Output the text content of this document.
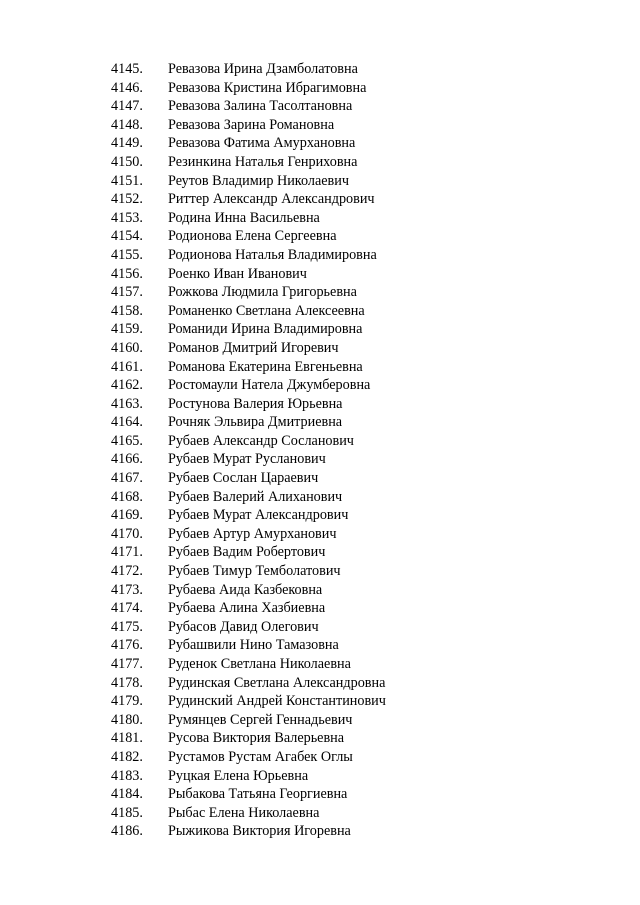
4145. Ревазова Ирина Дзамболатовна
4146. Ревазова Кристина Ибрагимовна
4147. Ревазова Залина Тасолтановна
4148. Ревазова Зарина Романовна
4149. Ревазова Фатима Амурхановна
4150. Резинкина Наталья Генриховна
4151. Реутов Владимир Николаевич
4152. Риттер Александр Александрович
4153. Родина Инна Васильевна
4154. Родионова Елена Сергеевна
4155. Родионова Наталья Владимировна
4156. Роенко Иван Иванович
4157. Рожкова Людмила Григорьевна
4158. Романенко Светлана Алексеевна
4159. Романиди Ирина Владимировна
4160. Романов Дмитрий Игоревич
4161. Романова Екатерина Евгеньевна
4162. Ростомаули Натела Джумберовна
4163. Ростунова Валерия Юрьевна
4164. Рочняк Эльвира Дмитриевна
4165. Рубаев Александр Сосланович
4166. Рубаев Мурат Русланович
4167. Рубаев Сослан Цараевич
4168. Рубаев Валерий Алиханович
4169. Рубаев Мурат Александрович
4170. Рубаев Артур Амурханович
4171. Рубаев Вадим Робертович
4172. Рубаев Тимур Темболатович
4173. Рубаева Аида Казбековна
4174. Рубаева Алина Хазбиевна
4175. Рубасов Давид Олегович
4176. Рубашвили Нино Тамазовна
4177. Руденок Светлана Николаевна
4178. Рудинская Светлана Александровна
4179. Рудинский Андрей Константинович
4180. Румянцев Сергей Геннадьевич
4181. Русова Виктория Валерьевна
4182. Рустамов Рустам Агабек Оглы
4183. Руцкая Елена Юрьевна
4184. Рыбакова Татьяна Георгиевна
4185. Рыбас Елена Николаевна
4186. Рыжикова Виктория Игоревна
